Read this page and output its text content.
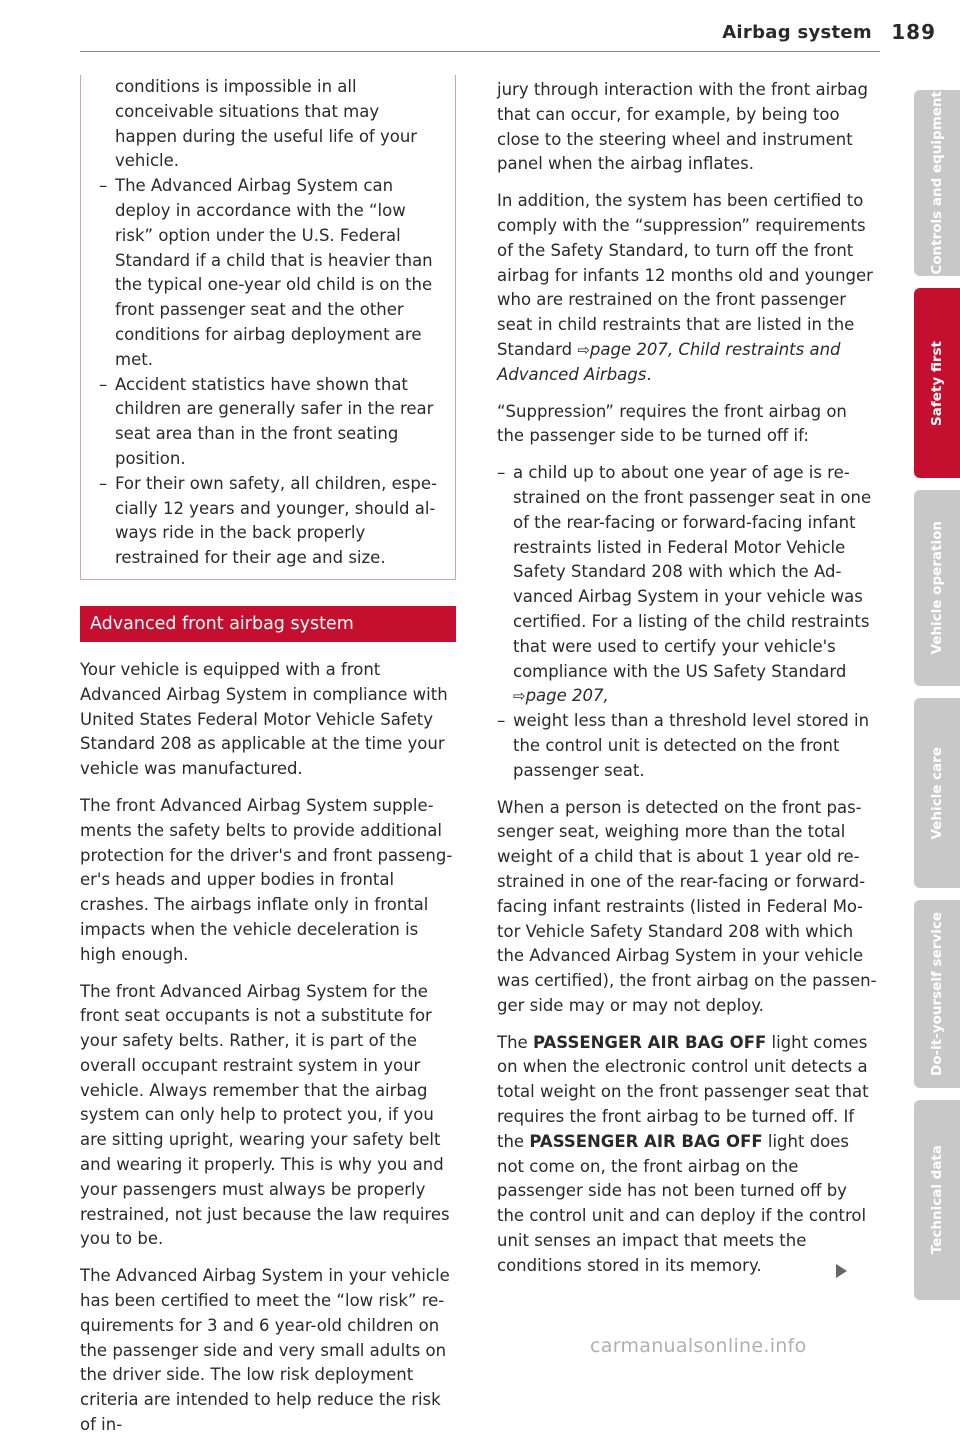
Airbag system 189
conditions is impossible in all conceivable situations that may happen during the useful life of your vehicle.
– The Advanced Airbag System can deploy in accordance with the “low risk” option under the U.S. Federal Standard if a child that is heavier than the typical one-year old child is on the front passenger seat and the other conditions for airbag deployment are met.
– Accident statistics have shown that children are generally safer in the rear seat area than in the front seating position.
– For their own safety, all children, especially 12 years and younger, should always ride in the back properly restrained for their age and size.
Advanced front airbag system

Your vehicle is equipped with a front Advanced Airbag System in compliance with United States Federal Motor Vehicle Safety Standard 208 as applicable at the time your vehicle was manufactured.

The front Advanced Airbag System supplements the safety belts to provide additional protection for the driver's and front passenger's heads and upper bodies in frontal crashes. The airbags inflate only in frontal impacts when the vehicle deceleration is high enough.

The front Advanced Airbag System for the front seat occupants is not a substitute for your safety belts. Rather, it is part of the overall occupant restraint system in your vehicle. Always remember that the airbag system can only help to protect you, if you are sitting upright, wearing your safety belt and wearing it properly. This is why you and your passengers must always be properly restrained, not just because the law requires you to be.

The Advanced Airbag System in your vehicle has been certified to meet the “low risk” requirements for 3 and 6 year-old children on the passenger side and very small adults on the driver side. The low risk deployment criteria are intended to help reduce the risk of in-

jury through interaction with the front airbag that can occur, for example, by being too close to the steering wheel and instrument panel when the airbag inflates.

In addition, the system has been certified to comply with the “suppression” requirements of the Safety Standard, to turn off the front airbag for infants 12 months old and younger who are restrained on the front passenger seat in child restraints that are listed in the Standard ⇨page 207, Child restraints and Advanced Airbags.

“Suppression” requires the front airbag on the passenger side to be turned off if:

– a child up to about one year of age is restrained on the front passenger seat in one of the rear-facing or forward-facing infant restraints listed in Federal Motor Vehicle Safety Standard 208 with which the Advanced Airbag System in your vehicle was certified. For a listing of the child restraints that were used to certify your vehicle's compliance with the US Safety Standard
⇨page 207,
– weight less than a threshold level stored in the control unit is detected on the front passenger seat.

When a person is detected on the front passenger seat, weighing more than the total weight of a child that is about 1 year old restrained in one of the rear-facing or forwardfacing infant restraints (listed in Federal Motor Vehicle Safety Standard 208 with which the Advanced Airbag System in your vehicle was certified), the front airbag on the passenger side may or may not deploy.

The PASSENGER AIR BAG OFF light comes on when the electronic control unit detects a total weight on the front passenger seat that requires the front airbag to be turned off. If the PASSENGER AIR BAG OFF light does not come on, the front airbag on the passenger side has not been turned off by the control unit and can deploy if the control unit senses an impact that meets the conditions stored in its memory.

Controls and equipment
Safety first
Vehicle operation
Vehicle care
Do-it-yourself service
Technical data
carmanualsonline.info
